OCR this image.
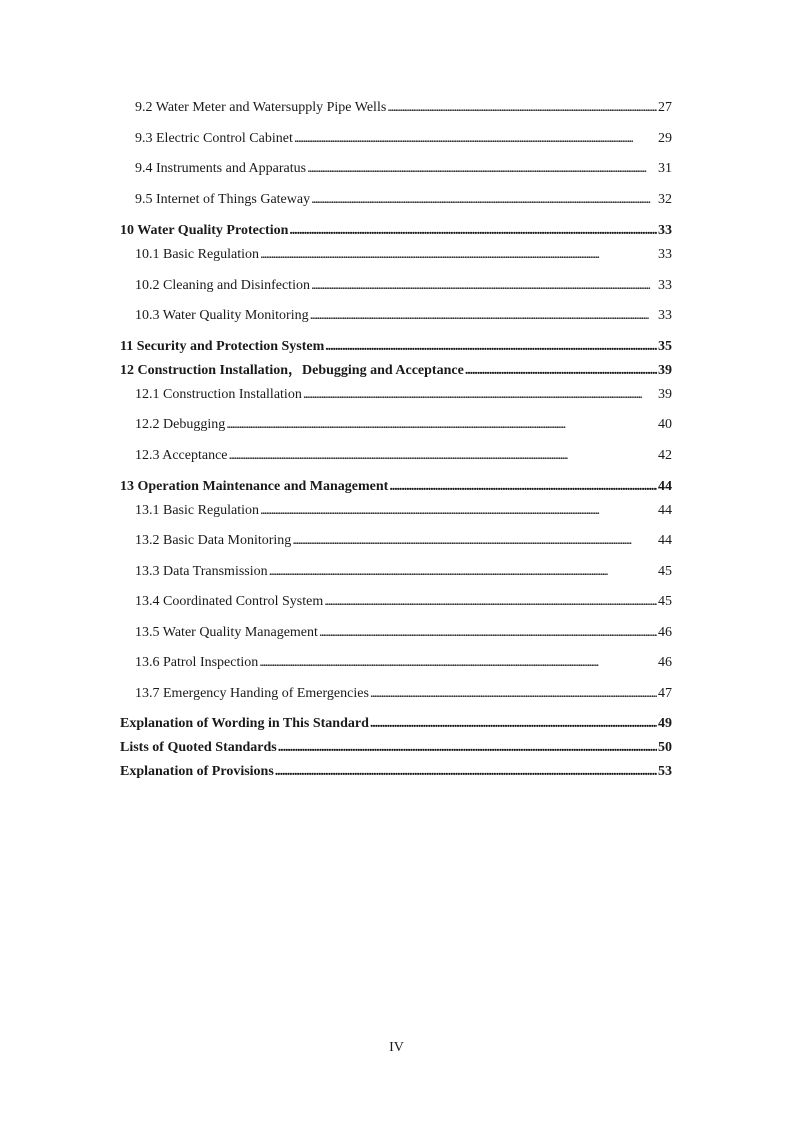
9.2 Water Meter and Watersupply Pipe Wells . . .	27
9.3 Electric Control Cabinet . . .	29
9.4 Instruments and Apparatus . . .	31
9.5 Internet of Things Gateway . . .	32
10 Water Quality Protection . . .	33
10.1 Basic Regulation . . .	33
10.2 Cleaning and Disinfection . . .	33
10.3 Water Quality Monitoring . . .	33
11 Security and Protection System . . .	35
12 Construction Installation，Debugging and Acceptance . . .	39
12.1 Construction Installation . . .	39
12.2 Debugging . . .	40
12.3 Acceptance . . .	42
13 Operation Maintenance and Management . . .	44
13.1 Basic Regulation . . .	44
13.2 Basic Data Monitoring . . .	44
13.3 Data Transmission . . .	45
13.4 Coordinated Control System . . .	45
13.5 Water Quality Management . . .	46
13.6 Patrol Inspection . . .	46
13.7 Emergency Handing of Emergencies . . .	47
Explanation of Wording in This Standard . . .	49
Lists of Quoted Standards . . .	50
Explanation of Provisions . . .	53
IV
